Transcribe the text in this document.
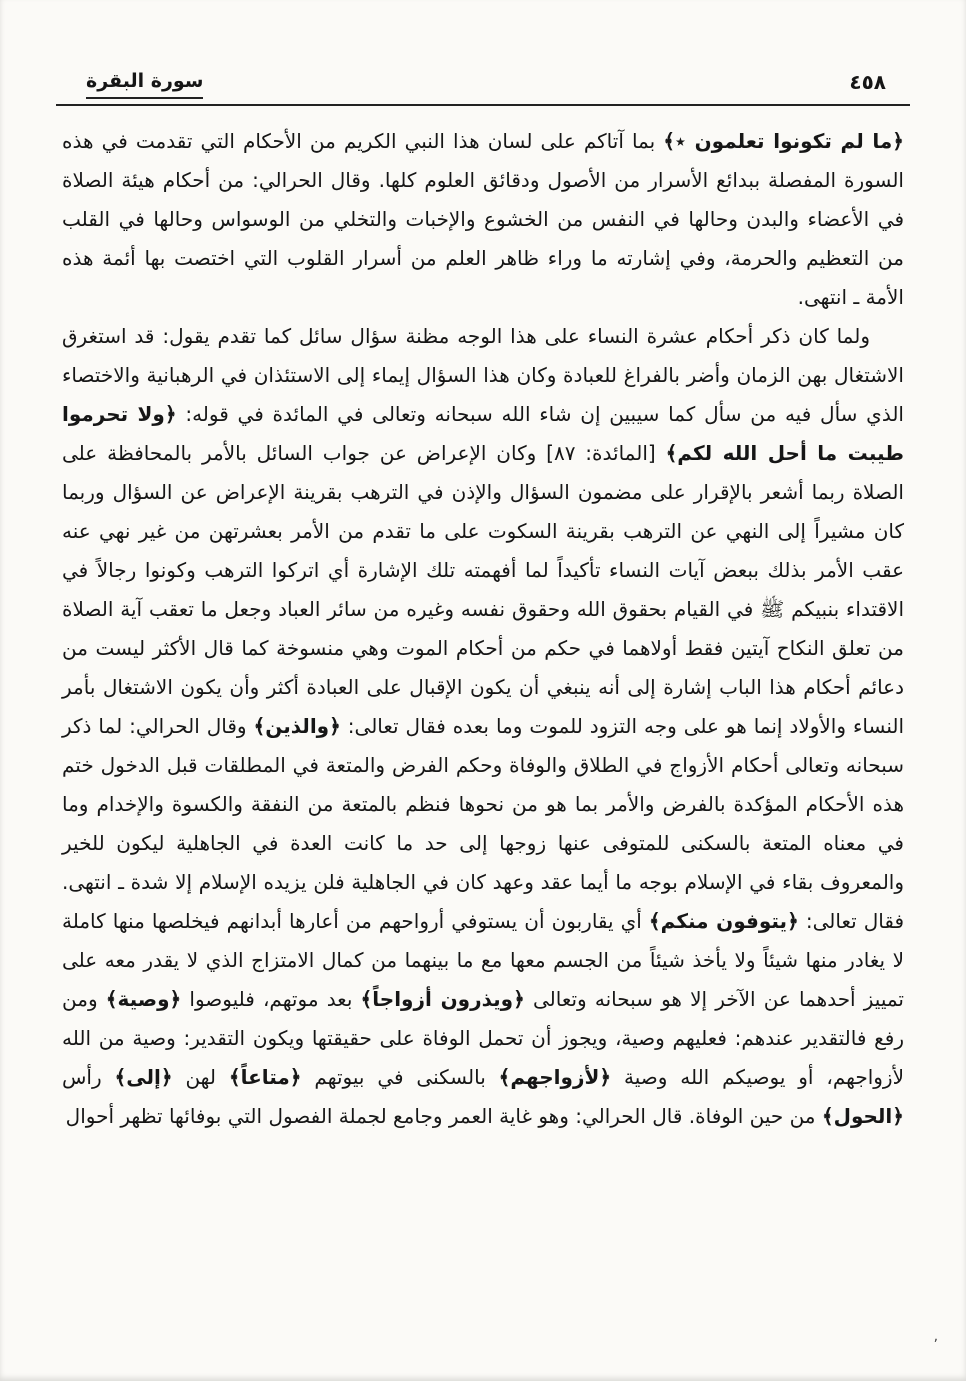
سورة البقرة	٤٥٨

﴿ما لم تكونوا تعلمون ٭﴾ بما آتاكم على لسان هذا النبي الكريم من الأحكام التي تقدمت في هذه السورة المفصلة ببدائع الأسرار من الأصول ودقائق العلوم كلها. وقال الحرالي: من أحكام هيئة الصلاة في الأعضاء والبدن وحالها في النفس من الخشوع والإخبات والتخلي من الوسواس وحالها في القلب من التعظيم والحرمة، وفي إشارته ما وراء ظاهر العلم من أسرار القلوب التي اختصت بها أئمة هذه الأمة ـ انتهى.

ولما كان ذكر أحكام عشرة النساء على هذا الوجه مظنة سؤال سائل كما تقدم يقول: قد استغرق الاشتغال بهن الزمان وأضر بالفراغ للعبادة وكان هذا السؤال إيماء إلى الاستئذان في الرهبانية والاختصاء الذي سأل فيه من سأل كما سيبين إن شاء الله سبحانه وتعالى في المائدة في قوله: ﴿ولا تحرموا طيبت ما أحل الله لكم﴾ [المائدة: ٨٧] وكان الإعراض عن جواب السائل بالأمر بالمحافظة على الصلاة ربما أشعر بالإقرار على مضمون السؤال والإذن في الترهب بقرينة الإعراض عن السؤال وربما كان مشيراً إلى النهي عن الترهب بقرينة السكوت على ما تقدم من الأمر بعشرتهن من غير نهي عنه عقب الأمر بذلك ببعض آيات النساء تأكيداً لما أفهمته تلك الإشارة أي اتركوا الترهب وكونوا رجالاً في الاقتداء بنبيكم ﷺ في القيام بحقوق الله وحقوق نفسه وغيره من سائر العباد وجعل ما تعقب آية الصلاة من تعلق النكاح آيتين فقط أولاهما في حكم من أحكام الموت وهي منسوخة كما قال الأكثر ليست من دعائم أحكام هذا الباب إشارة إلى أنه ينبغي أن يكون الإقبال على العبادة أكثر وأن يكون الاشتغال بأمر النساء والأولاد إنما هو على وجه التزود للموت وما بعده فقال تعالى: ﴿والذين﴾ وقال الحرالي: لما ذكر سبحانه وتعالى أحكام الأزواج في الطلاق والوفاة وحكم الفرض والمتعة في المطلقات قبل الدخول ختم هذه الأحكام المؤكدة بالفرض والأمر بما هو من نحوها فنظم بالمتعة من النفقة والكسوة والإخدام وما في معناه المتعة بالسكنى للمتوفى عنها زوجها إلى حد ما كانت العدة في الجاهلية ليكون للخير والمعروف بقاء في الإسلام بوجه ما أيما عقد وعهد كان في الجاهلية فلن يزيده الإسلام إلا شدة ـ انتهى. فقال تعالى: ﴿يتوفون منكم﴾ أي يقاربون أن يستوفي أرواحهم من أعارها أبدانهم فيخلصها منها كاملة لا يغادر منها شيئاً ولا يأخذ شيئاً من الجسم معها مع ما بينهما من كمال الامتزاج الذي لا يقدر معه على تمييز أحدهما عن الآخر إلا هو سبحانه وتعالى ﴿ويذرون أزواجاً﴾ بعد موتهم، فليوصوا ﴿وصية﴾ ومن رفع فالتقدير عندهم: فعليهم وصية، ويجوز أن تحمل الوفاة على حقيقتها ويكون التقدير: وصية من الله لأزواجهم، أو يوصيكم الله وصية ﴿لأزواجهم﴾ بالسكنى في بيوتهم ﴿متاعاً﴾ لهن ﴿إلى﴾ رأس ﴿الحول﴾ من حين الوفاة. قال الحرالي: وهو غاية العمر وجامع لجملة الفصول التي بوفائها تظهر أحوال

٬
